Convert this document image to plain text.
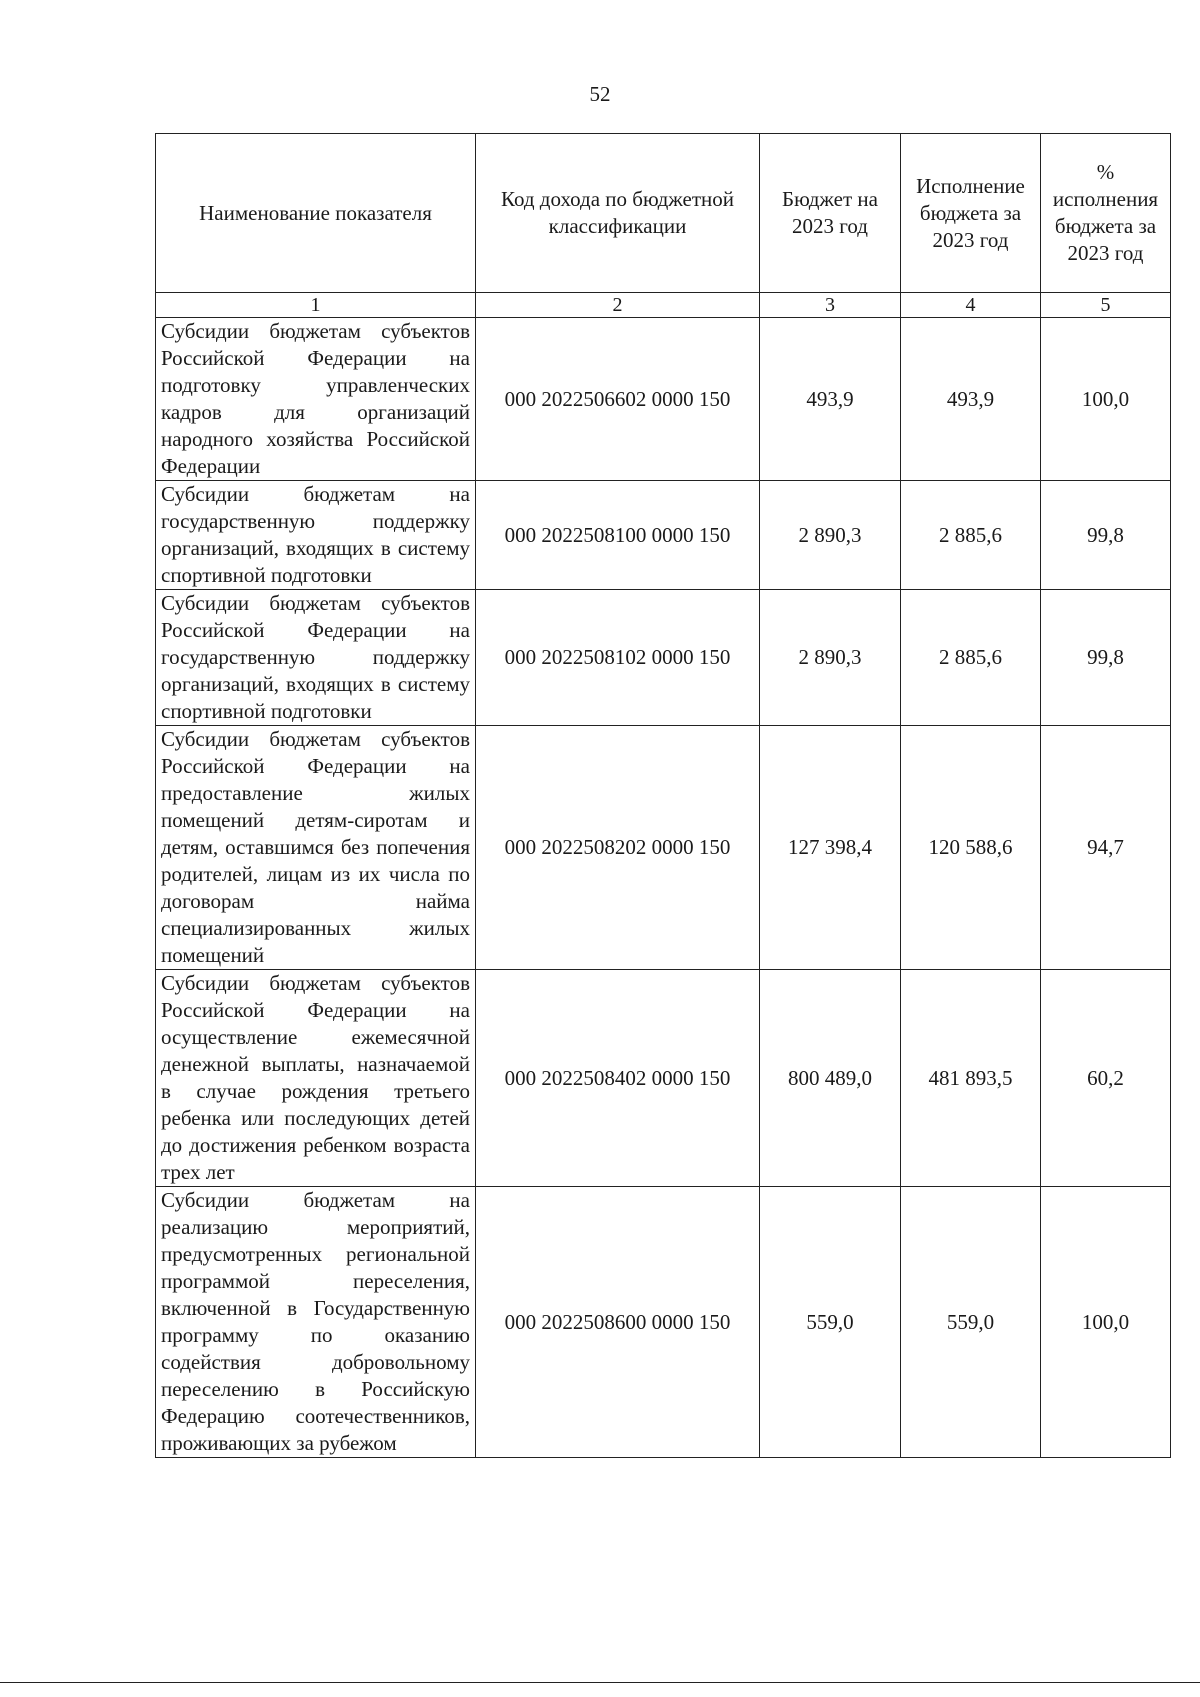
52
Наименование показателя	Код дохода по бюджетной классификации	Бюджет на 2023 год	Исполнение бюджета за 2023 год	% исполнения бюджета за 2023 год
1	2	3	4	5
Субсидии бюджетам субъектов Российской Федерации на подготовку управленческих кадров для организаций народного хозяйства Российской Федерации	000 2022506602 0000 150	493,9	493,9	100,0
Субсидии бюджетам на государственную поддержку организаций, входящих в систему спортивной подготовки	000 2022508100 0000 150	2 890,3	2 885,6	99,8
Субсидии бюджетам субъектов Российской Федерации на государственную поддержку организаций, входящих в систему спортивной подготовки	000 2022508102 0000 150	2 890,3	2 885,6	99,8
Субсидии бюджетам субъектов Российской Федерации на предоставление жилых помещений детям-сиротам и детям, оставшимся без попечения родителей, лицам из их числа по договорам найма специализированных жилых помещений	000 2022508202 0000 150	127 398,4	120 588,6	94,7
Субсидии бюджетам субъектов Российской Федерации на осуществление ежемесячной денежной выплаты, назначаемой в случае рождения третьего ребенка или последующих детей до достижения ребенком возраста трех лет	000 2022508402 0000 150	800 489,0	481 893,5	60,2
Субсидии бюджетам на реализацию мероприятий, предусмотренных региональной программой переселения, включенной в Государственную программу по оказанию содействия добровольному переселению в Российскую Федерацию соотечественников, проживающих за рубежом	000 2022508600 0000 150	559,0	559,0	100,0
